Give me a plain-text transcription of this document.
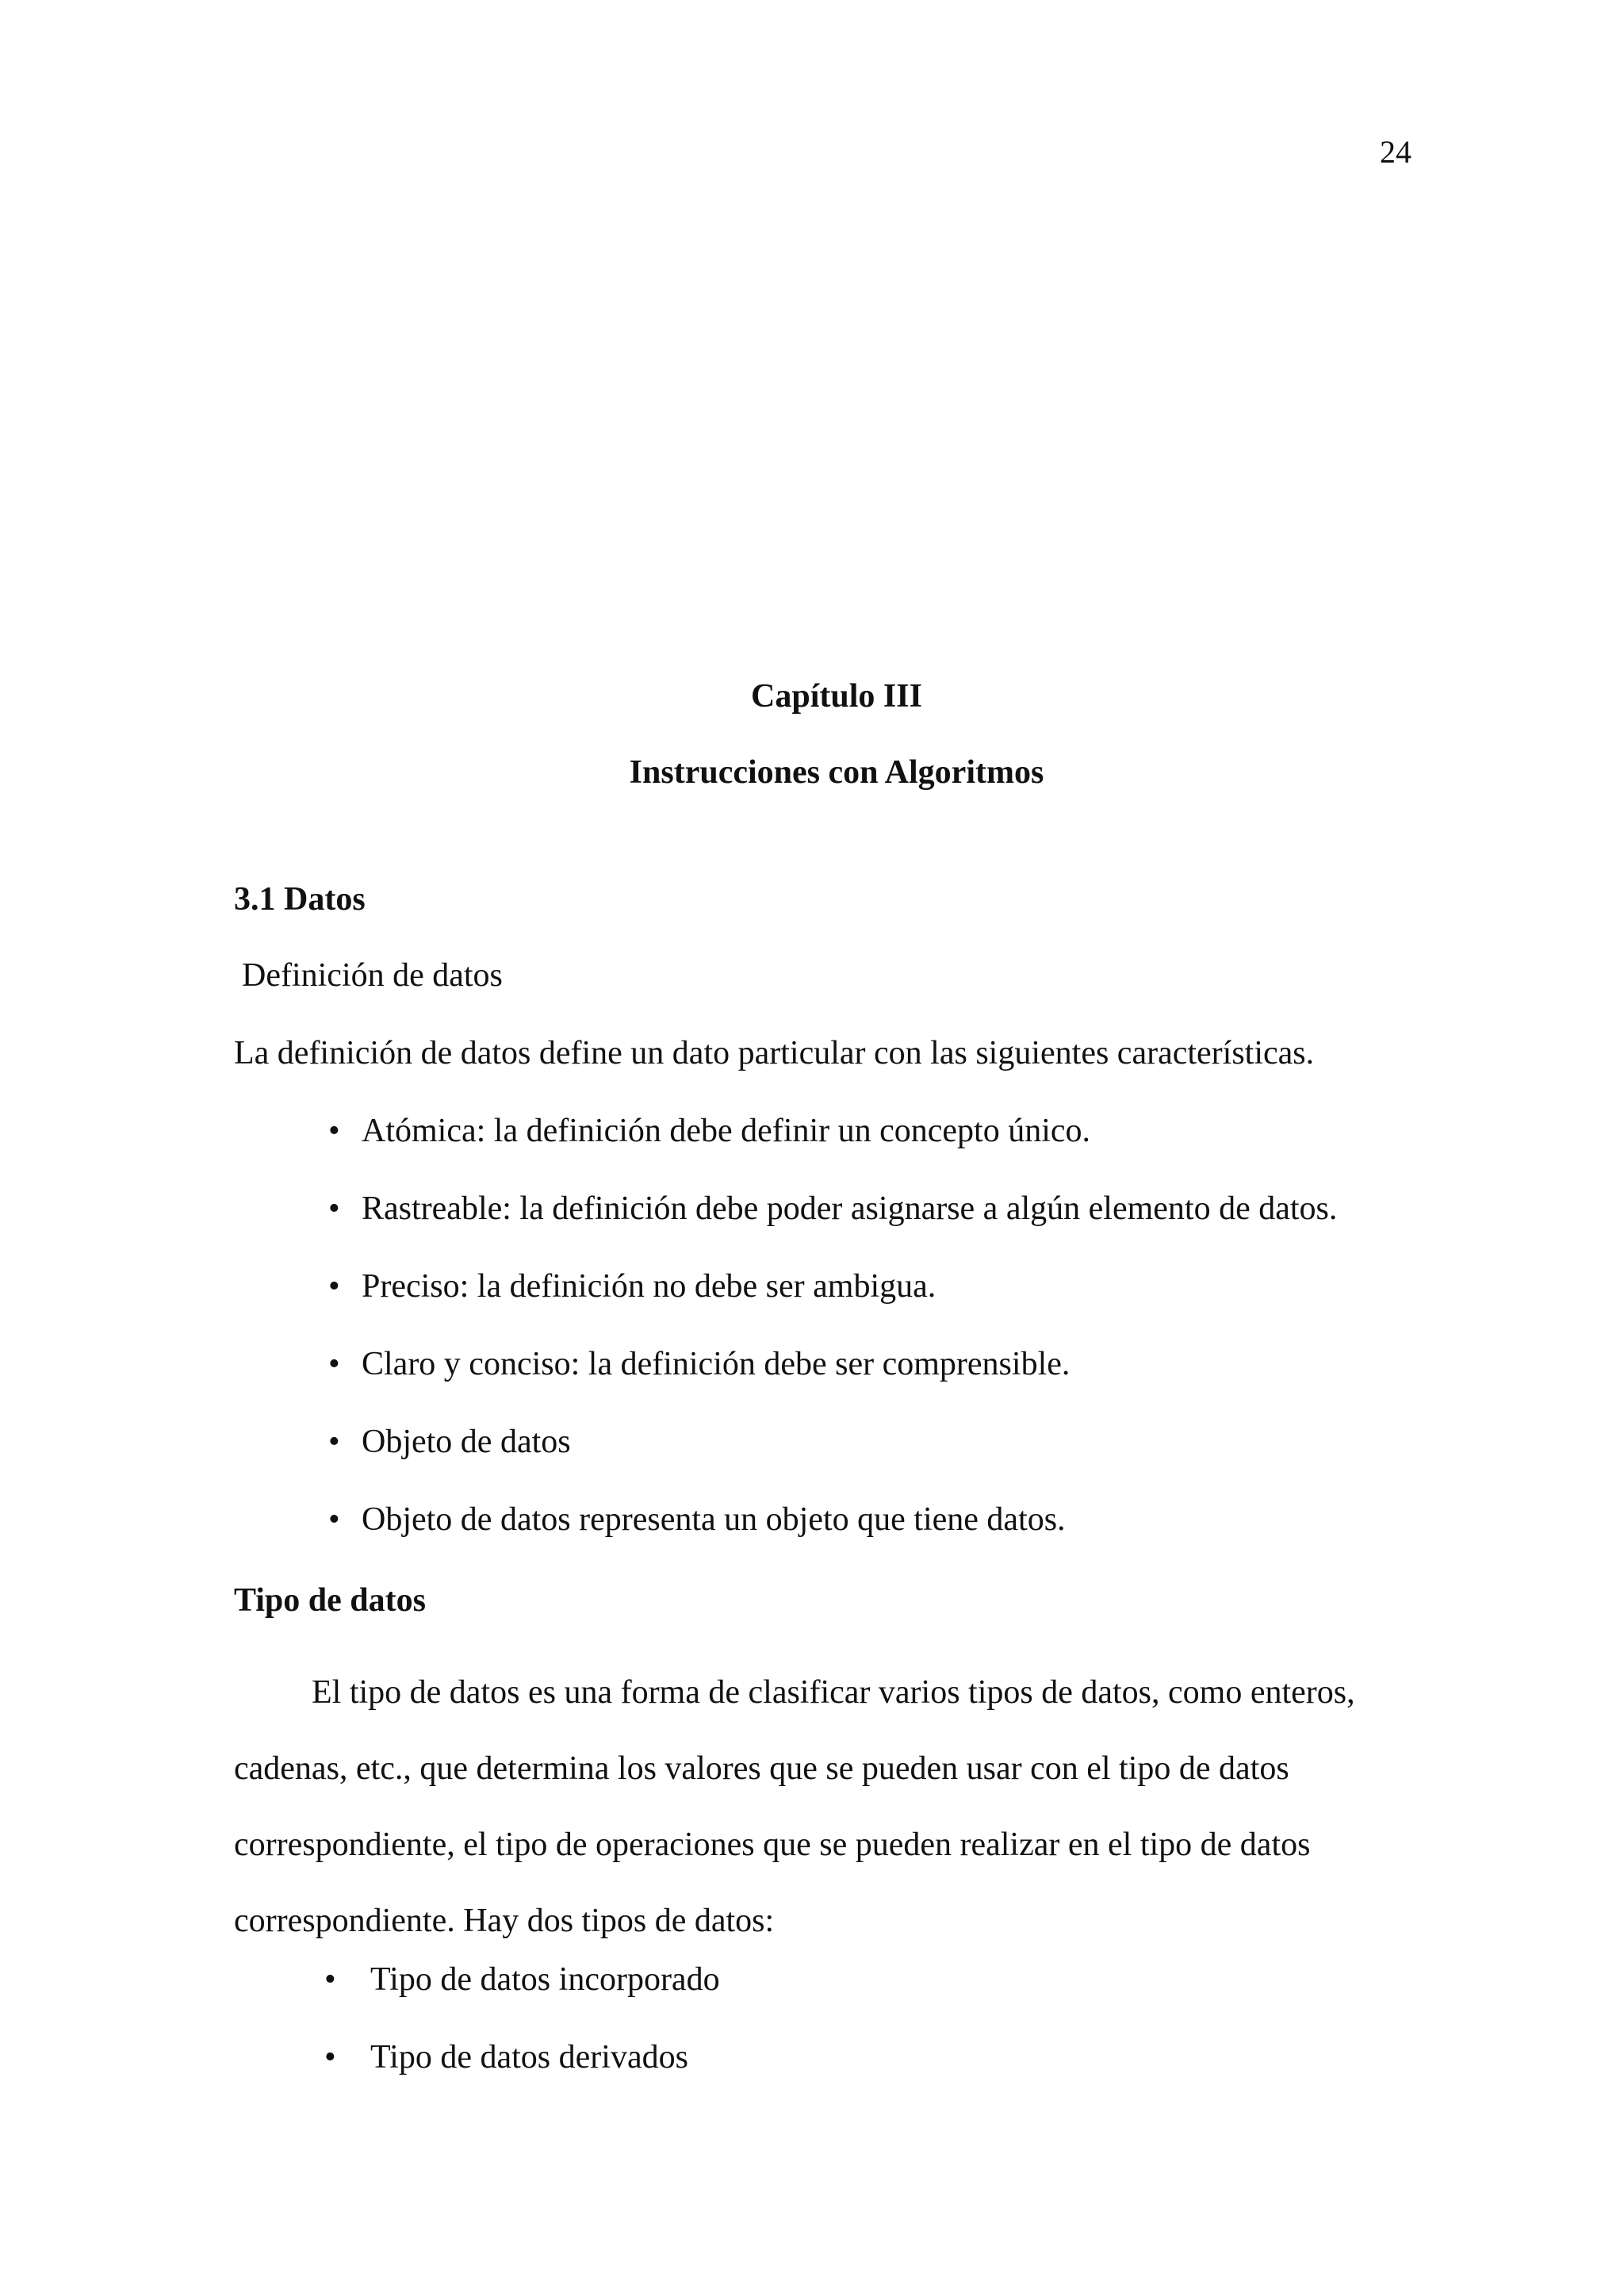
24
Capítulo III
Instrucciones con Algoritmos
3.1 Datos
Definición de datos
La definición de datos define un dato particular con las siguientes características.
• Atómica: la definición debe definir un concepto único.
• Rastreable: la definición debe poder asignarse a algún elemento de datos.
• Preciso: la definición no debe ser ambigua.
• Claro y conciso: la definición debe ser comprensible.
• Objeto de datos
• Objeto de datos representa un objeto que tiene datos.
Tipo de datos
El tipo de datos es una forma de clasificar varios tipos de datos, como enteros,
cadenas, etc., que determina los valores que se pueden usar con el tipo de datos
correspondiente, el tipo de operaciones que se pueden realizar en el tipo de datos
correspondiente. Hay dos tipos de datos:
• Tipo de datos incorporado
• Tipo de datos derivados
